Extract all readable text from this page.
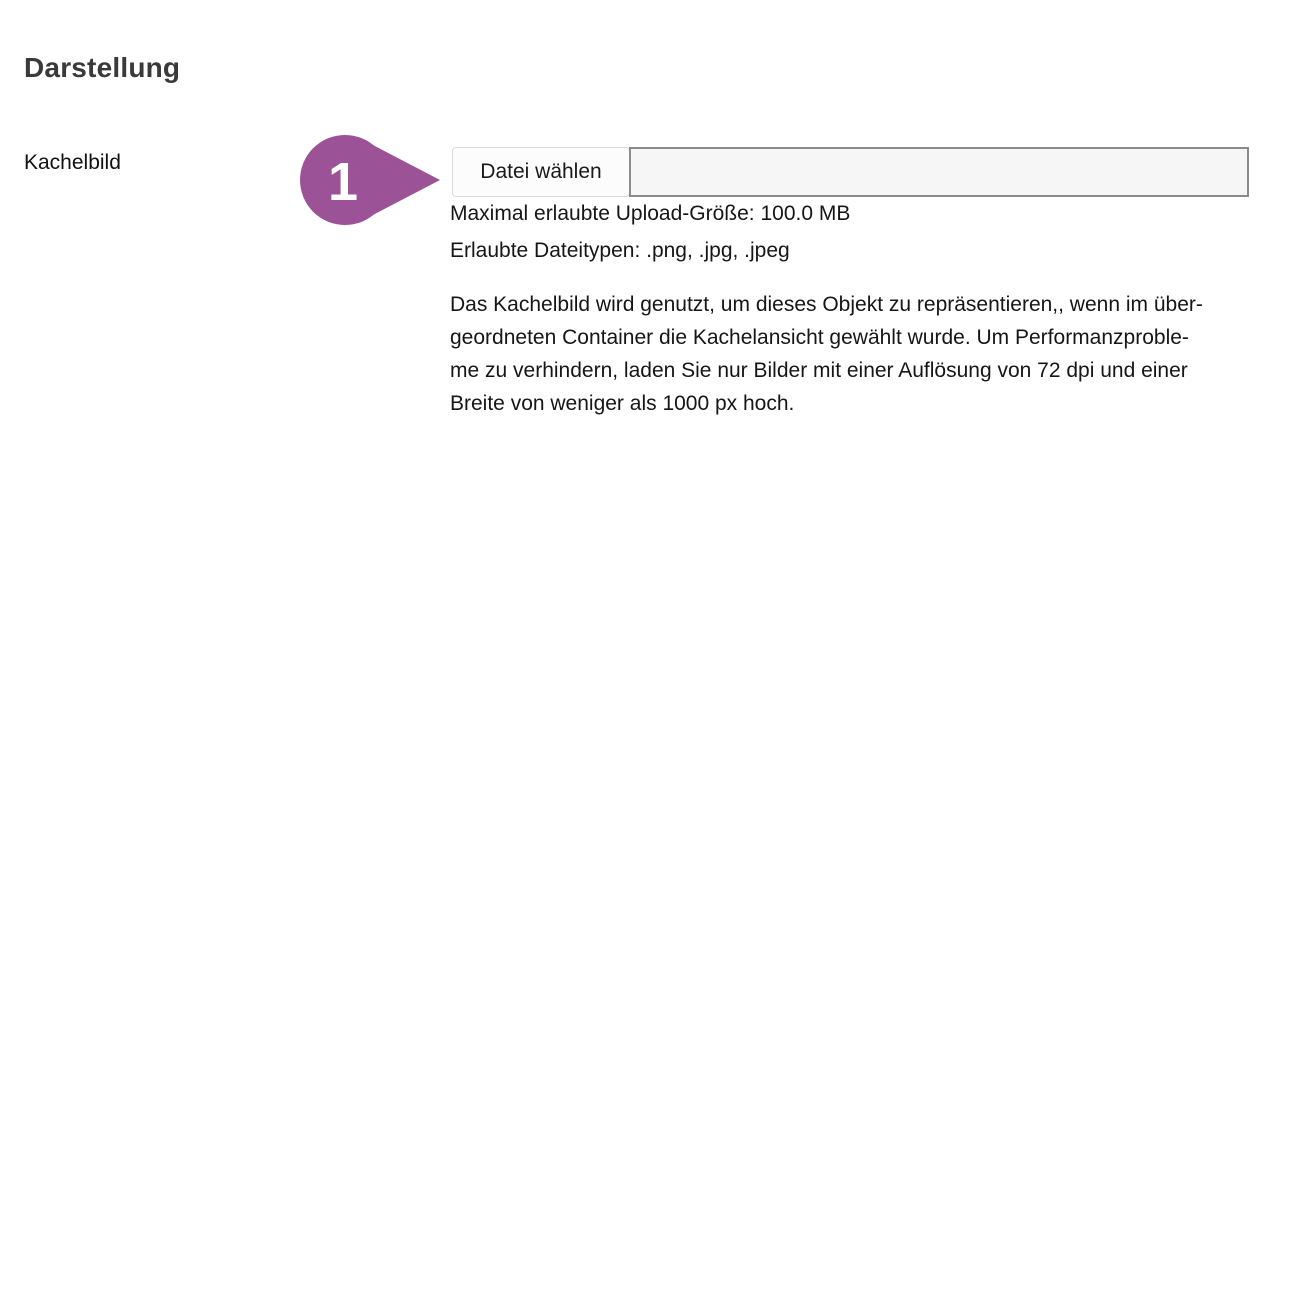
Darstellung
Kachelbild	1	Datei wählen
Maximal erlaubte Upload-Größe: 100.0 MB
Erlaubte Dateitypen: .png, .jpg, .jpeg
Das Kachelbild wird genutzt, um dieses Objekt zu repräsentieren,, wenn im über-
geordneten Container die Kachelansicht gewählt wurde. Um Performanzproble-
me zu verhindern, laden Sie nur Bilder mit einer Auflösung von 72 dpi und einer
Breite von weniger als 1000 px hoch.
